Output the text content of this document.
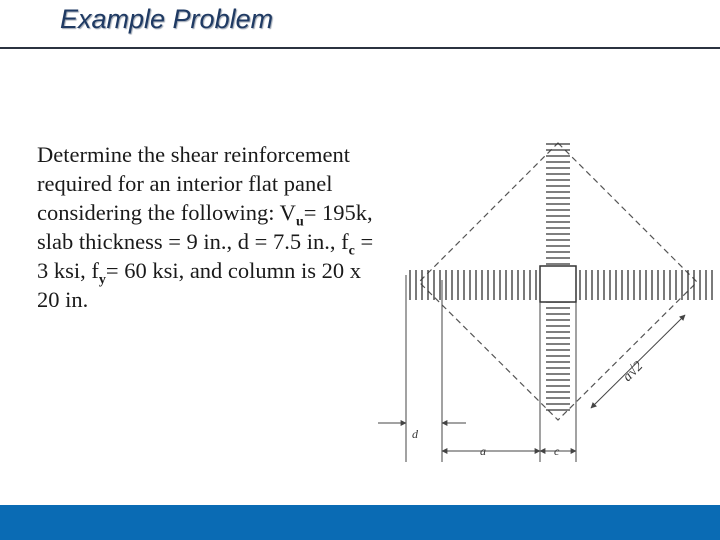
Example Problem
Determine the shear reinforcement required for an interior flat panel considering the following: $V_u= 195k$, slab thickness = 9 in., d = 7.5 in., $f_c = 3$ ksi, $f_y= 60$ ksi, and column is 20 x 20 in.
d
a	c
a√2
